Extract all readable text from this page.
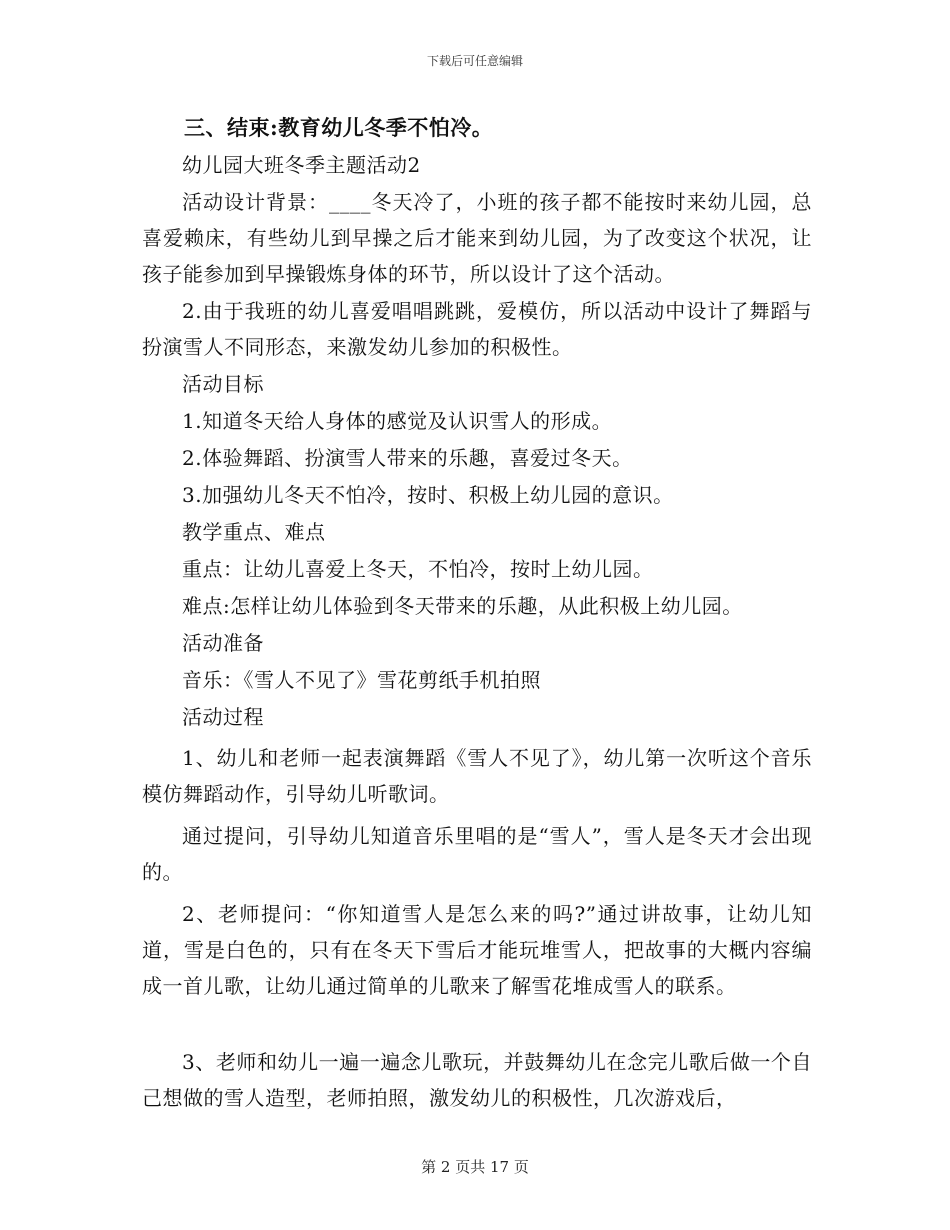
下载后可任意编辑

三、结束:教育幼儿冬季不怕冷。

幼儿园大班冬季主题活动2

活动设计背景：____冬天冷了，小班的孩子都不能按时来幼儿园，总喜爱赖床，有些幼儿到早操之后才能来到幼儿园，为了改变这个状况，让孩子能参加到早操锻炼身体的环节，所以设计了这个活动。

2.由于我班的幼儿喜爱唱唱跳跳，爱模仿，所以活动中设计了舞蹈与扮演雪人不同形态，来激发幼儿参加的积极性。

活动目标

1.知道冬天给人身体的感觉及认识雪人的形成。

2.体验舞蹈、扮演雪人带来的乐趣，喜爱过冬天。

3.加强幼儿冬天不怕冷，按时、积极上幼儿园的意识。

教学重点、难点

重点：让幼儿喜爱上冬天，不怕冷，按时上幼儿园。

难点:怎样让幼儿体验到冬天带来的乐趣，从此积极上幼儿园。

活动准备

音乐：《雪人不见了》雪花剪纸手机拍照

活动过程

1、幼儿和老师一起表演舞蹈《雪人不见了》，幼儿第一次听这个音乐模仿舞蹈动作，引导幼儿听歌词。

通过提问，引导幼儿知道音乐里唱的是“雪人”，雪人是冬天才会出现的。

2、老师提问：“你知道雪人是怎么来的吗?”通过讲故事，让幼儿知道，雪是白色的，只有在冬天下雪后才能玩堆雪人，把故事的大概内容编成一首儿歌，让幼儿通过简单的儿歌来了解雪花堆成雪人的联系。

3、老师和幼儿一遍一遍念儿歌玩，并鼓舞幼儿在念完儿歌后做一个自己想做的雪人造型，老师拍照，激发幼儿的积极性，几次游戏后，

第 2 页共 17 页
